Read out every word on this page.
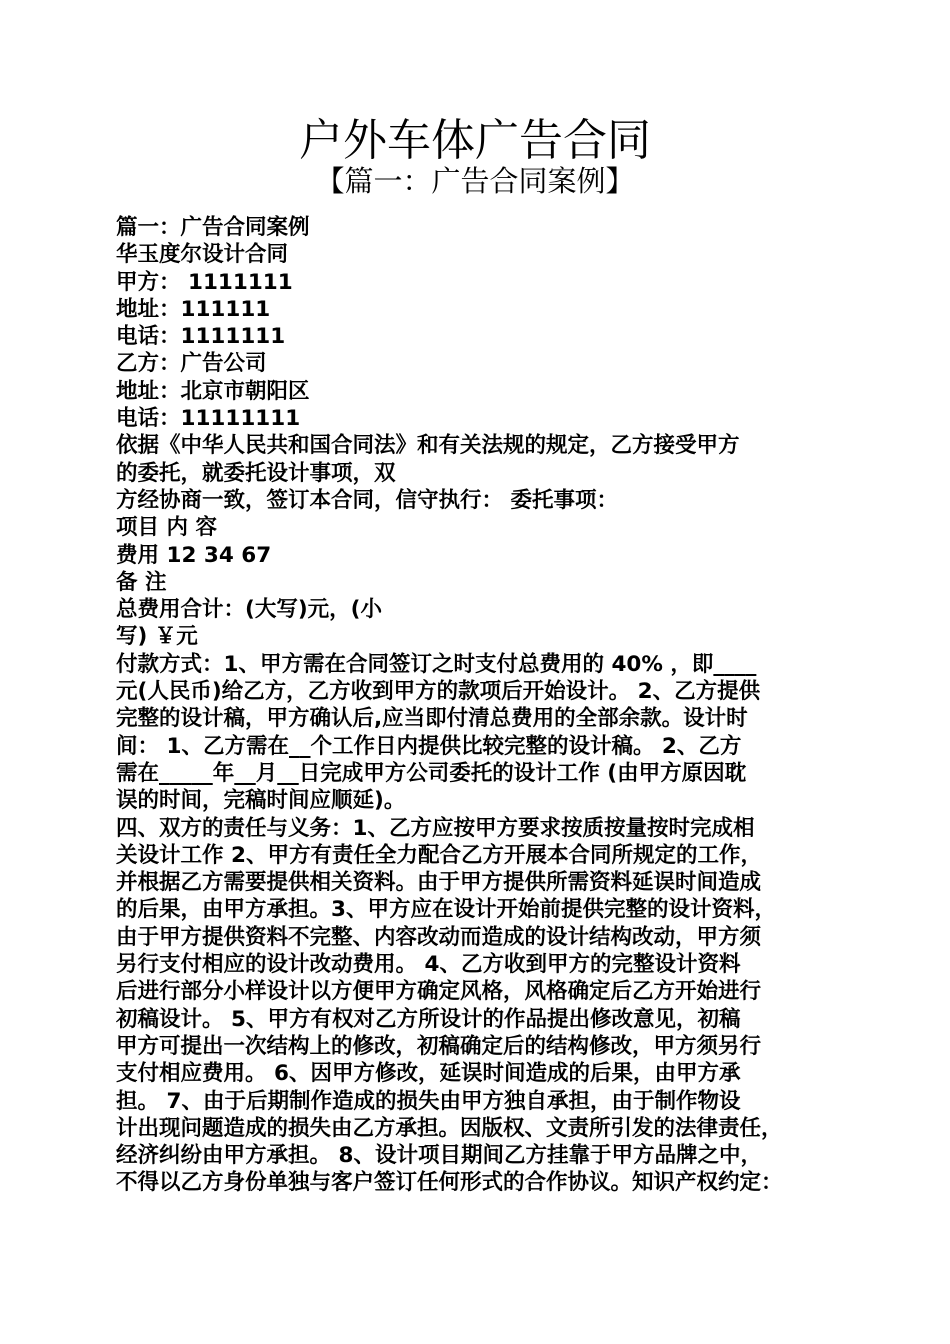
户外车体广告合同
【篇一：广告合同案例】
篇一：广告合同案例
华玉度尔设计合同
甲方： 1111111
地址：111111
电话：1111111
乙方：广告公司
地址：北京市朝阳区
电话：11111111
依据《中华人民共和国合同法》和有关法规的规定，乙方接受甲方
的委托，就委托设计事项，双
方经协商一致，签订本合同，信守执行： 委托事项：
项目 内 容
费用 12 34 67
备 注
总费用合计：(大写)元，(小
写) ￥元
付款方式：1、甲方需在合同签订之时支付总费用的 40% ，即____
元(人民币)给乙方，乙方收到甲方的款项后开始设计。 2、乙方提供
完整的设计稿，甲方确认后,应当即付清总费用的全部余款。设计时
间： 1、乙方需在__个工作日内提供比较完整的设计稿。 2、乙方
需在_____年__月__日完成甲方公司委托的设计工作 (由甲方原因耽
误的时间，完稿时间应顺延)。
四、双方的责任与义务：1、乙方应按甲方要求按质按量按时完成相
关设计工作 2、甲方有责任全力配合乙方开展本合同所规定的工作，
并根据乙方需要提供相关资料。由于甲方提供所需资料延误时间造成
的后果，由甲方承担。3、甲方应在设计开始前提供完整的设计资料，
由于甲方提供资料不完整、内容改动而造成的设计结构改动，甲方须
另行支付相应的设计改动费用。 4、乙方收到甲方的完整设计资料
后进行部分小样设计以方便甲方确定风格，风格确定后乙方开始进行
初稿设计。 5、甲方有权对乙方所设计的作品提出修改意见，初稿
甲方可提出一次结构上的修改，初稿确定后的结构修改，甲方须另行
支付相应费用。 6、因甲方修改，延误时间造成的后果，由甲方承
担。 7、由于后期制作造成的损失由甲方独自承担，由于制作物设
计出现问题造成的损失由乙方承担。因版权、文责所引发的法律责任，
经济纠纷由甲方承担。 8、设计项目期间乙方挂靠于甲方品牌之中，
不得以乙方身份单独与客户签订任何形式的合作协议。知识产权约定：
